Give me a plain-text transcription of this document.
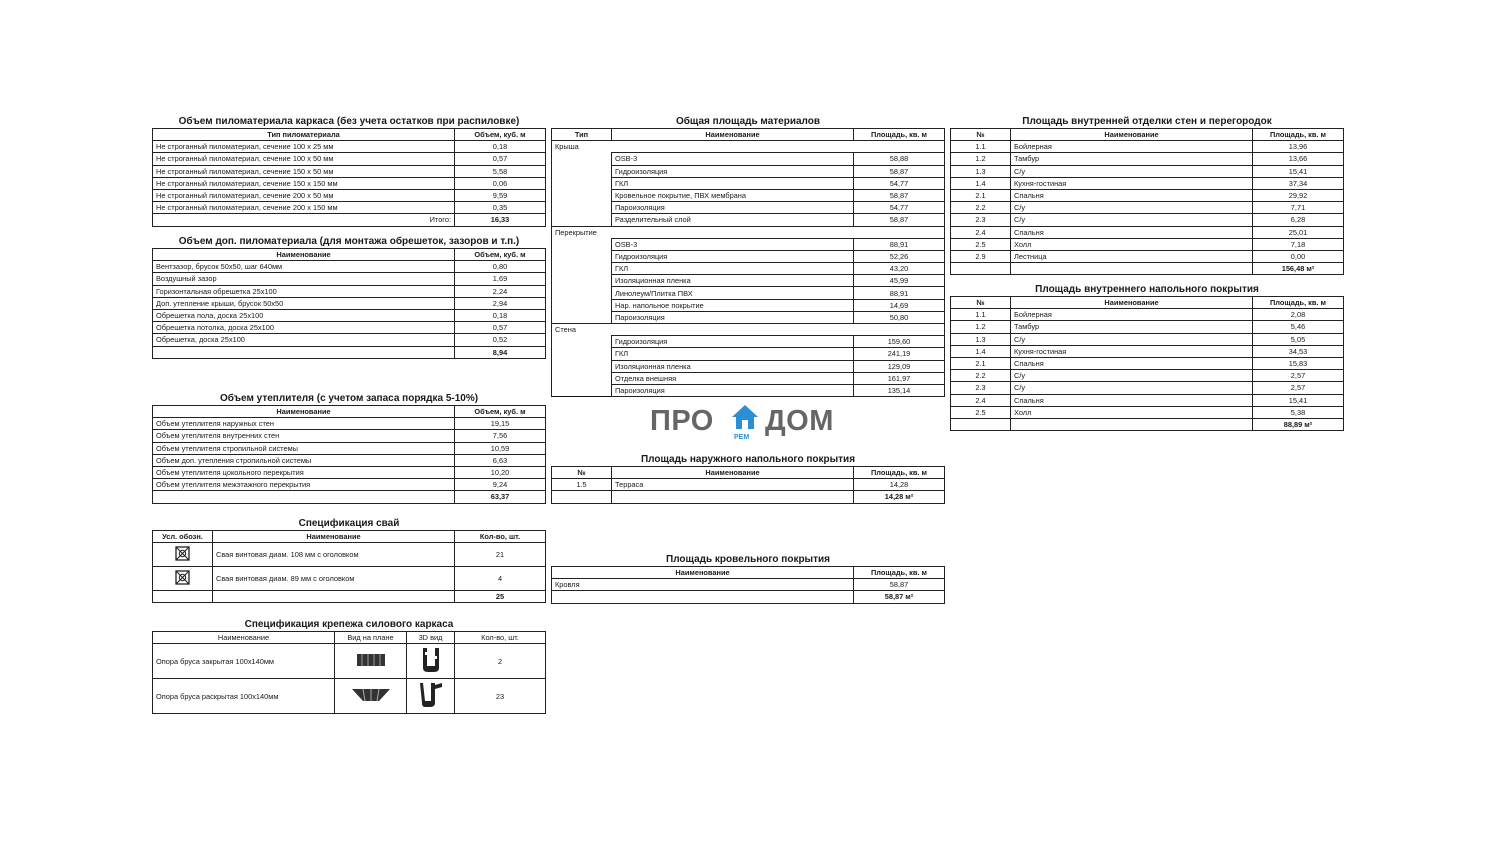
Объем пиломатериала каркаса (без учета остатков при распиловке)
Тип пиломатериала	Объем, куб. м
Не строганный пиломатериал, сечение 100 x 25 мм	0,18
Не строганный пиломатериал, сечение 100 x 50 мм	0,57
Не строганный пиломатериал, сечение 150 x 50 мм	5,58
Не строганный пиломатериал, сечение 150 x 150 мм	0,06
Не строганный пиломатериал, сечение 200 x 50 мм	9,59
Не строганный пиломатериал, сечение 200 x 150 мм	0,35
Итого:	16,33
Объем доп. пиломатериала (для монтажа обрешеток, зазоров и т.п.)
Наименование	Объем, куб. м
Вентзазор, брусок 50х50, шаг 640мм	0,80
Воздушный зазор	1,69
Горизонтальная обрешетка 25х100	2,24
Доп. утепление крыши, брусок 50х50	2,94
Обрешетка пола, доска 25х100	0,18
Обрешетка потолка, доска 25х100	0,57
Обрешетка, доска 25х100	0,52
	8,94
Объем утеплителя (с учетом запаса порядка 5-10%)
Наименование	Объем, куб. м
Объем утеплителя наружных стен	19,15
Объем утеплителя внутренних стен	7,56
Объем утеплителя стропильной системы	10,59
Объем доп. утепления стропильной системы	6,63
Объем утеплителя цокольного перекрытия	10,20
Объем утеплителя межэтажного перекрытия	9,24
	63,37
Спецификация свай
Усл. обозн.	Наименование	Кол-во, шт.
	Свая винтовая диам. 108 мм с оголовком	21
	Свая винтовая диам. 89 мм с оголовком	4
		25
Спецификация крепежа силового каркаса
Наименование	Вид на плане	3D вид	Кол-во, шт.
Опора бруса закрытая 100х140мм			2
Опора бруса раскрытая 100х140мм			23
Общая площадь материалов
Тип	Наименование	Площадь, кв. м
Крыша		
	OSB-3	58,88
	Гидроизоляция	58,87
	ГКЛ	54,77
	Кровельное покрытие, ПВХ мембрана	58,87
	Пароизоляция	54,77
	Разделительный слой	58,87
Перекрытие		
	OSB-3	88,91
	Гидроизоляция	52,26
	ГКЛ	43,20
	Изоляционная пленка	45,99
	Линолеум/Плитка ПВХ	88,91
	Нар. напольное покрытие	14,69
	Пароизоляция	50,80
Стена		
	Гидроизоляция	159,60
	ГКЛ	241,19
	Изоляционная пленка	129,09
	Отделка внешняя	161,97
	Пароизоляция	135,14
ПРО
РЕМ
ДОМ
Площадь наружного напольного покрытия
№	Наименование	Площадь, кв. м
1.5	Терраса	14,28
		14,28 м²
Площадь кровельного покрытия
Наименование	Площадь, кв. м
Кровля	58,87
	58,87 м²
Площадь внутренней отделки стен и перегородок
№	Наименование	Площадь, кв. м
1.1	Бойлерная	13,96
1.2	Тамбур	13,66
1.3	С/у	15,41
1.4	Кухня-гостиная	37,34
2.1	Спальня	29,92
2.2	С/у	7,71
2.3	С/у	6,28
2.4	Спальня	25,01
2.5	Холл	7,18
2.9	Лестница	0,00
		156,48 м²
Площадь внутреннего напольного покрытия
№	Наименование	Площадь, кв. м
1.1	Бойлерная	2,08
1.2	Тамбур	5,46
1.3	С/у	5,05
1.4	Кухня-гостиная	34,53
2.1	Спальня	15,83
2.2	С/у	2,57
2.3	С/у	2,57
2.4	Спальня	15,41
2.5	Холл	5,38
		88,89 м²
